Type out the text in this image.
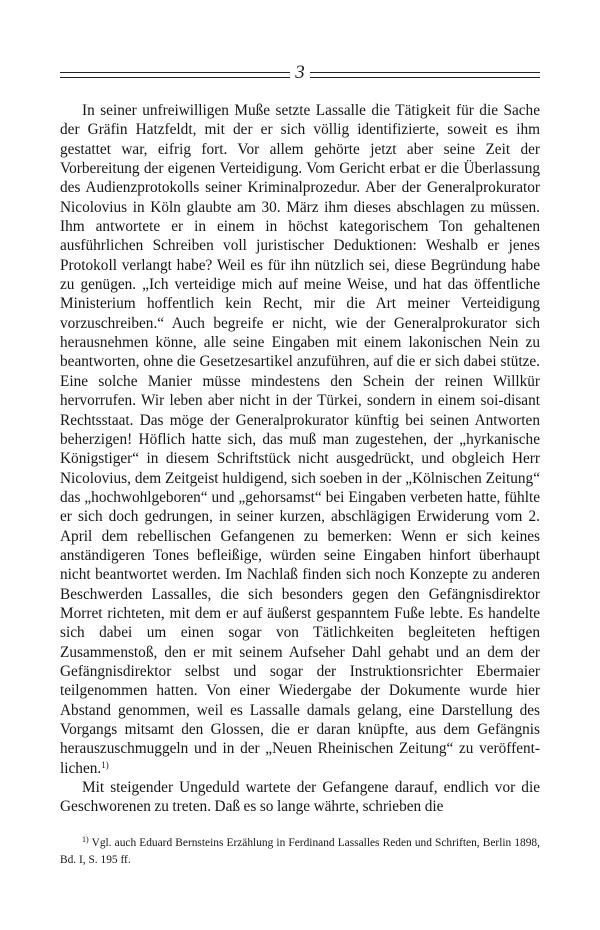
3

In seiner unfreiwilligen Muße setzte Lassalle die Tätigkeit für die Sache der Gräfin Hatzfeldt, mit der er sich völlig identifizierte, soweit es ihm gestattet war, eifrig fort. Vor allem gehörte jetzt aber seine Zeit der Vorbereitung der eigenen Verteidigung. Vom Gericht erbat er die Überlassung des Audienzprotokolls seiner Kriminalprozedur. Aber der Generalprokurator Nicolovius in Köln glaubte am 30. März ihm dieses abschlagen zu müssen. Ihm antwortete er in einem in höchst kategorischem Ton gehaltenen ausführlichen Schreiben voll juristischer Deduktionen: Weshalb er jenes Protokoll verlangt habe? Weil es für ihn nützlich sei, diese Begründung habe zu genügen. „Ich verteidige mich auf meine Weise, und hat das öffentliche Ministerium hoffentlich kein Recht, mir die Art meiner Verteidigung vorzuschreiben.“ Auch begreife er nicht, wie der Generalprokurator sich herausnehmen könne, alle seine Eingaben mit einem lakonischen Nein zu beantworten, ohne die Gesetzesartikel anzuführen, auf die er sich dabei stütze. Eine solche Manier müsse mindestens den Schein der reinen Willkür hervorrufen. Wir leben aber nicht in der Türkei, sondern in einem soi-disant Rechtsstaat. Das möge der Generalprokurator künftig bei seinen Antworten beherzigen! Höflich hatte sich, das muß man zugestehen, der „hyrkanische Königstiger“ in diesem Schriftstück nicht ausgedrückt, und obgleich Herr Nicolovius, dem Zeitgeist huldigend, sich soeben in der „Kölnischen Zeitung“ das „hochwohlgeboren“ und „gehorsamst“ bei Eingaben verbeten hatte, fühlte er sich doch gedrungen, in seiner kurzen, abschlägigen Erwiderung vom 2. April dem rebellischen Gefangenen zu bemerken: Wenn er sich keines anständigeren Tones befleißige, würden seine Eingaben hinfort überhaupt nicht beantwortet werden. Im Nachlaß finden sich noch Konzepte zu anderen Beschwerden Lassalles, die sich besonders gegen den Gefängnisdirektor Morret richteten, mit dem er auf äußerst gespanntem Fuße lebte. Es handelte sich dabei um einen sogar von Tätlichkeiten begleiteten heftigen Zusammenstoß, den er mit seinem Aufseher Dahl gehabt und an dem der Gefängnisdirektor selbst und sogar der Instruktionsrichter Ebermaier teilgenommen hatten. Von einer Wiedergabe der Dokumente wurde hier Abstand genommen, weil es Lassalle damals gelang, eine Darstellung des Vorgangs mitsamt den Glossen, die er daran knüpfte, aus dem Gefängnis herauszuschmuggeln und in der „Neuen Rheinischen Zeitung“ zu veröffentlichen.$^{1)}$

Mit steigender Ungeduld wartete der Gefangene darauf, endlich vor die Geschworenen zu treten. Daß es so lange währte, schrieben die

$^{1)}$ Vgl. auch Eduard Bernsteins Erzählung in Ferdinand Lassalles Reden und Schriften, Berlin 1898, Bd. I, S. 195 ff.
